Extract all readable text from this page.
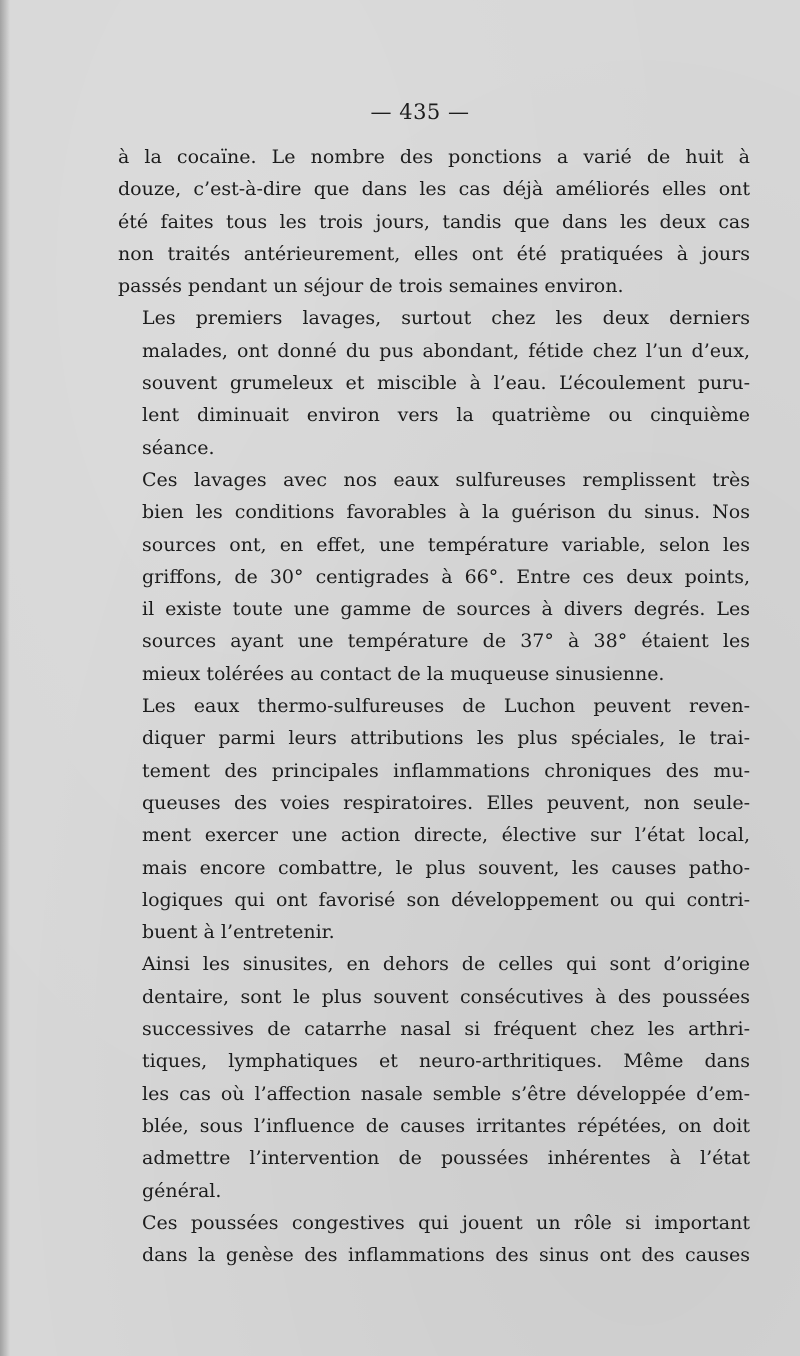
— 435 —

à la cocaïne. Le nombre des ponctions a varié de huit à
douze, c’est-à-dire que dans les cas déjà améliorés elles ont
été faites tous les trois jours, tandis que dans les deux cas
non traités antérieurement, elles ont été pratiquées à jours
passés pendant un séjour de trois semaines environ.

Les premiers lavages, surtout chez les deux derniers
malades, ont donné du pus abondant, fétide chez l’un d’eux,
souvent grumeleux et miscible à l’eau. L’écoulement puru-
lent diminuait environ vers la quatrième ou cinquième
séance.

Ces lavages avec nos eaux sulfureuses remplissent très
bien les conditions favorables à la guérison du sinus. Nos
sources ont, en effet, une température variable, selon les
griffons, de 30° centigrades à 66°. Entre ces deux points,
il existe toute une gamme de sources à divers degrés. Les
sources ayant une température de 37° à 38° étaient les
mieux tolérées au contact de la muqueuse sinusienne.

Les eaux thermo-sulfureuses de Luchon peuvent reven-
diquer parmi leurs attributions les plus spéciales, le trai-
tement des principales inflammations chroniques des mu-
queuses des voies respiratoires. Elles peuvent, non seule-
ment exercer une action directe, élective sur l’état local,
mais encore combattre, le plus souvent, les causes patho-
logiques qui ont favorisé son développement ou qui contri-
buent à l’entretenir.

Ainsi les sinusites, en dehors de celles qui sont d’origine
dentaire, sont le plus souvent consécutives à des poussées
successives de catarrhe nasal si fréquent chez les arthri-
tiques, lymphatiques et neuro-arthritiques. Même dans
les cas où l’affection nasale semble s’être développée d’em-
blée, sous l’influence de causes irritantes répétées, on doit
admettre l’intervention de poussées inhérentes à l’état
général.

Ces poussées congestives qui jouent un rôle si important
dans la genèse des inflammations des sinus ont des causes
